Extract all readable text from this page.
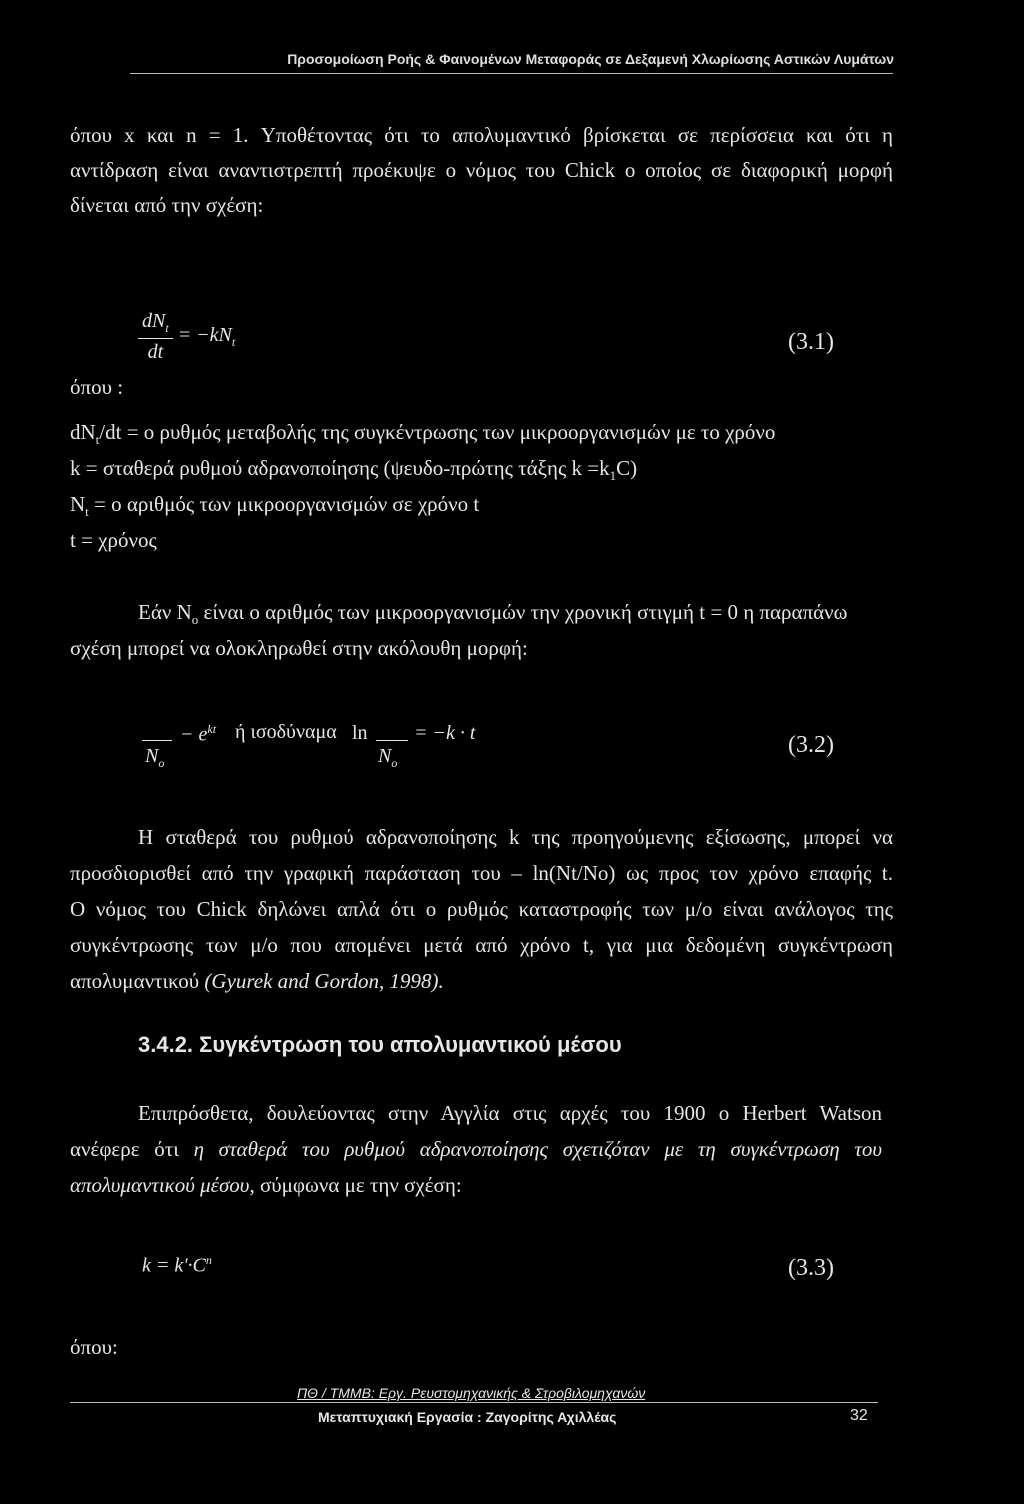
Προσομοίωση Ροής & Φαινομένων Μεταφοράς σε Δεξαμενή Χλωρίωσης Αστικών Λυμάτων
όπου x και n = 1. Υποθέτοντας ότι το απολυμαντικό βρίσκεται σε περίσσεια και ότι η
αντίδραση είναι αναντιστρεπτή προέκυψε ο νόμος του Chick ο οποίος σε διαφορική μορφή
δίνεται από την σχέση:
$\frac{dN_t}{dt} = -kN_t$	(3.1)
όπου :
$dN_t/dt = o$ ρυθμός μεταβολής της συγκέντρωσης των μικροοργανισμών με το χρόνο
k = σταθερά ρυθμού αδρανοποίησης (ψευδο-πρώτης τάξης $k =k_1C$)
$N_t = o$ αριθμός των μικροοργανισμών σε χρόνο t
t = χρόνος
Εάν $N_o$ είναι ο αριθμός των μικροοργανισμών την χρονική στιγμή t = 0 η παραπάνω
σχέση μπορεί να ολοκληρωθεί στην ακόλουθη μορφή:
$N_o$
− $e^{kt}$ ή ισοδύναμα ln
$N_o$
= −k · t	(3.2)
Η σταθερά του ρυθμού αδρανοποίησης k της προηγούμενης εξίσωσης, μπορεί να
προσδιορισθεί από την γραφική παράσταση του – ln(Nt/No) ως προς τον χρόνο επαφής t.
Ο νόμος του Chick δηλώνει απλά ότι ο ρυθμός καταστροφής των μ/ο είναι ανάλογος της
συγκέντρωσης των μ/ο που απομένει μετά από χρόνο t, για μια δεδομένη συγκέντρωση
απολυμαντικού (Gyurek and Gordon, 1998).
3.4.2. Συγκέντρωση του απολυμαντικού μέσου
Επιπρόσθετα, δουλεύοντας στην Αγγλία στις αρχές του 1900 ο Herbert Watson
ανέφερε ότι η σταθερά του ρυθμού αδρανοποίησης σχετιζόταν με τη συγκέντρωση του
απολυμαντικού μέσου, σύμφωνα με την σχέση:
$k = k'\cdot C^n$	(3.3)
όπου:
ΠΘ / ΤΜΜΒ: Εργ. Ρευστομηχανικής & Στροβιλομηχανών
Μεταπτυχιακή Εργασία : Ζαγορίτης Αχιλλέας	32
